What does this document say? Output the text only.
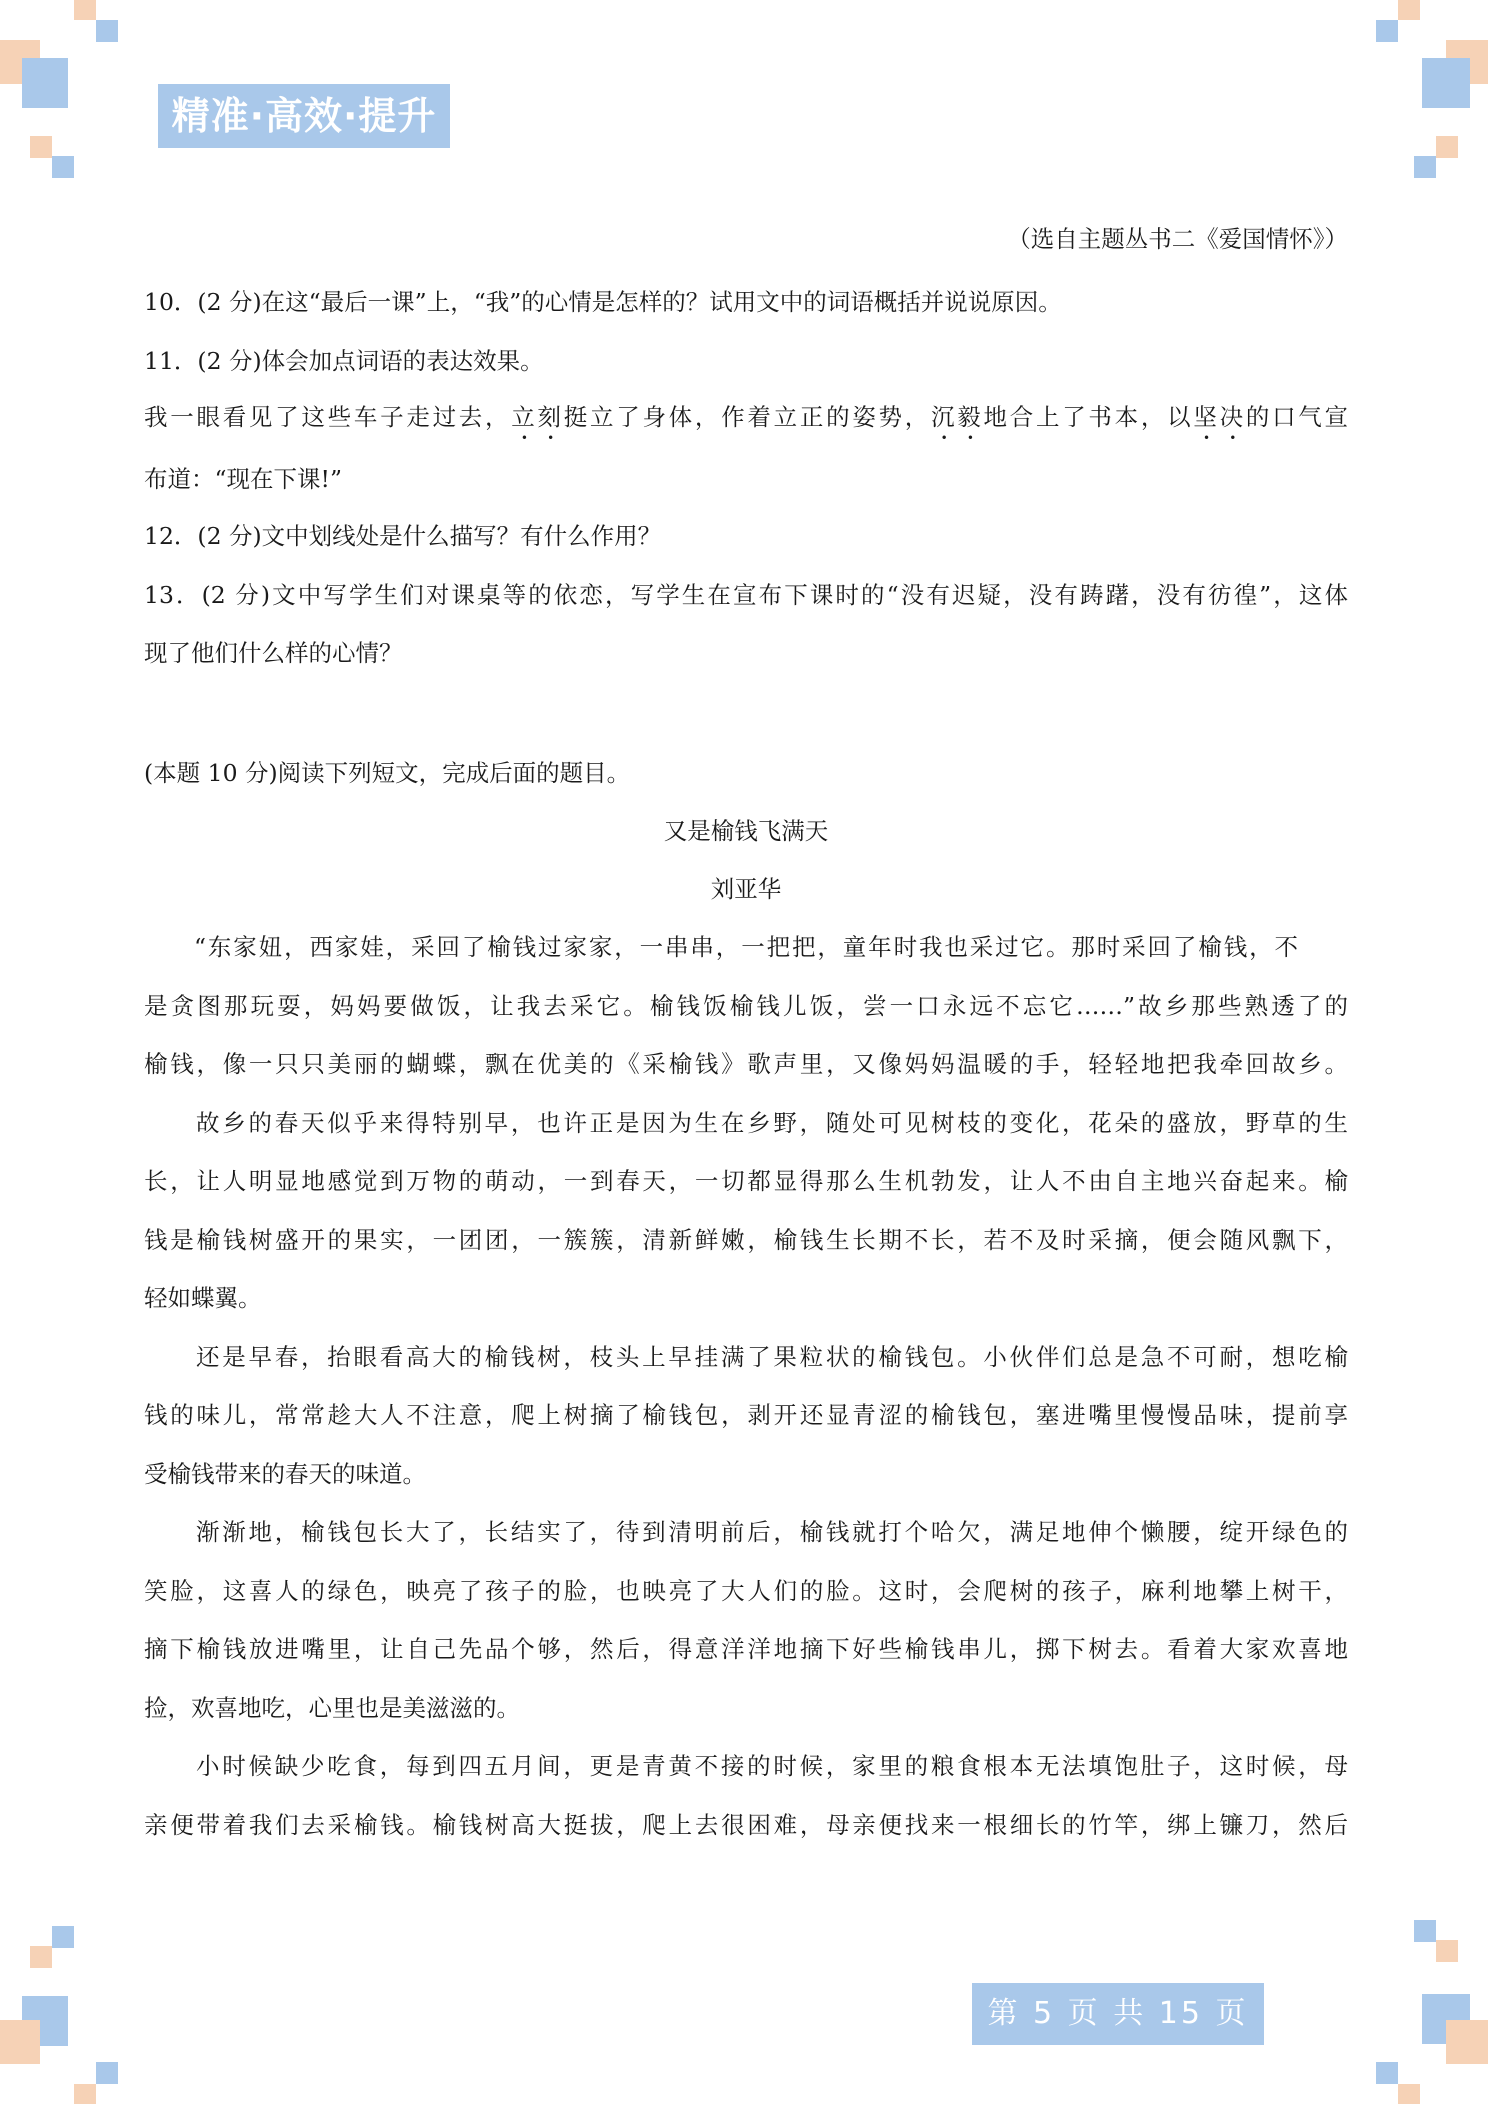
精准·高效·提升
（选自主题丛书二《爱国情怀》）
10．(2 分)在这“最后一课”上，“我”的心情是怎样的？试用文中的词语概括并说说原因。
11．(2 分)体会加点词语的表达效果。
我一眼看见了这些车子走过去，立刻挺立了身体，作着立正的姿势，沉毅地合上了书本，以坚决的口气宣
布道：“现在下课!”
12．(2 分)文中划线处是什么描写？有什么作用？
13．(2 分)文中写学生们对课桌等的依恋，写学生在宣布下课时的“没有迟疑，没有踌躇，没有彷徨”，这体
现了他们什么样的心情？
(本题 10 分)阅读下列短文，完成后面的题目。
又是榆钱飞满天
刘亚华
“东家妞，西家娃，采回了榆钱过家家，一串串，一把把，童年时我也采过它。那时采回了榆钱，不
是贪图那玩耍，妈妈要做饭，让我去采它。榆钱饭榆钱儿饭，尝一口永远不忘它……”故乡那些熟透了的
榆钱，像一只只美丽的蝴蝶，飘在优美的《采榆钱》歌声里，又像妈妈温暖的手，轻轻地把我牵回故乡。
故乡的春天似乎来得特别早，也许正是因为生在乡野，随处可见树枝的变化，花朵的盛放，野草的生
长，让人明显地感觉到万物的萌动，一到春天，一切都显得那么生机勃发，让人不由自主地兴奋起来。榆
钱是榆钱树盛开的果实，一团团，一簇簇，清新鲜嫩，榆钱生长期不长，若不及时采摘，便会随风飘下，
轻如蝶翼。
还是早春，抬眼看高大的榆钱树，枝头上早挂满了果粒状的榆钱包。小伙伴们总是急不可耐，想吃榆
钱的味儿，常常趁大人不注意，爬上树摘了榆钱包，剥开还显青涩的榆钱包，塞进嘴里慢慢品味，提前享
受榆钱带来的春天的味道。
渐渐地，榆钱包长大了，长结实了，待到清明前后，榆钱就打个哈欠，满足地伸个懒腰，绽开绿色的
笑脸，这喜人的绿色，映亮了孩子的脸，也映亮了大人们的脸。这时，会爬树的孩子，麻利地攀上树干，
摘下榆钱放进嘴里，让自己先品个够，然后，得意洋洋地摘下好些榆钱串儿，掷下树去。看着大家欢喜地
捡，欢喜地吃，心里也是美滋滋的。
小时候缺少吃食，每到四五月间，更是青黄不接的时候，家里的粮食根本无法填饱肚子，这时候，母
亲便带着我们去采榆钱。榆钱树高大挺拔，爬上去很困难，母亲便找来一根细长的竹竿，绑上镰刀，然后
第 5 页 共 15 页
